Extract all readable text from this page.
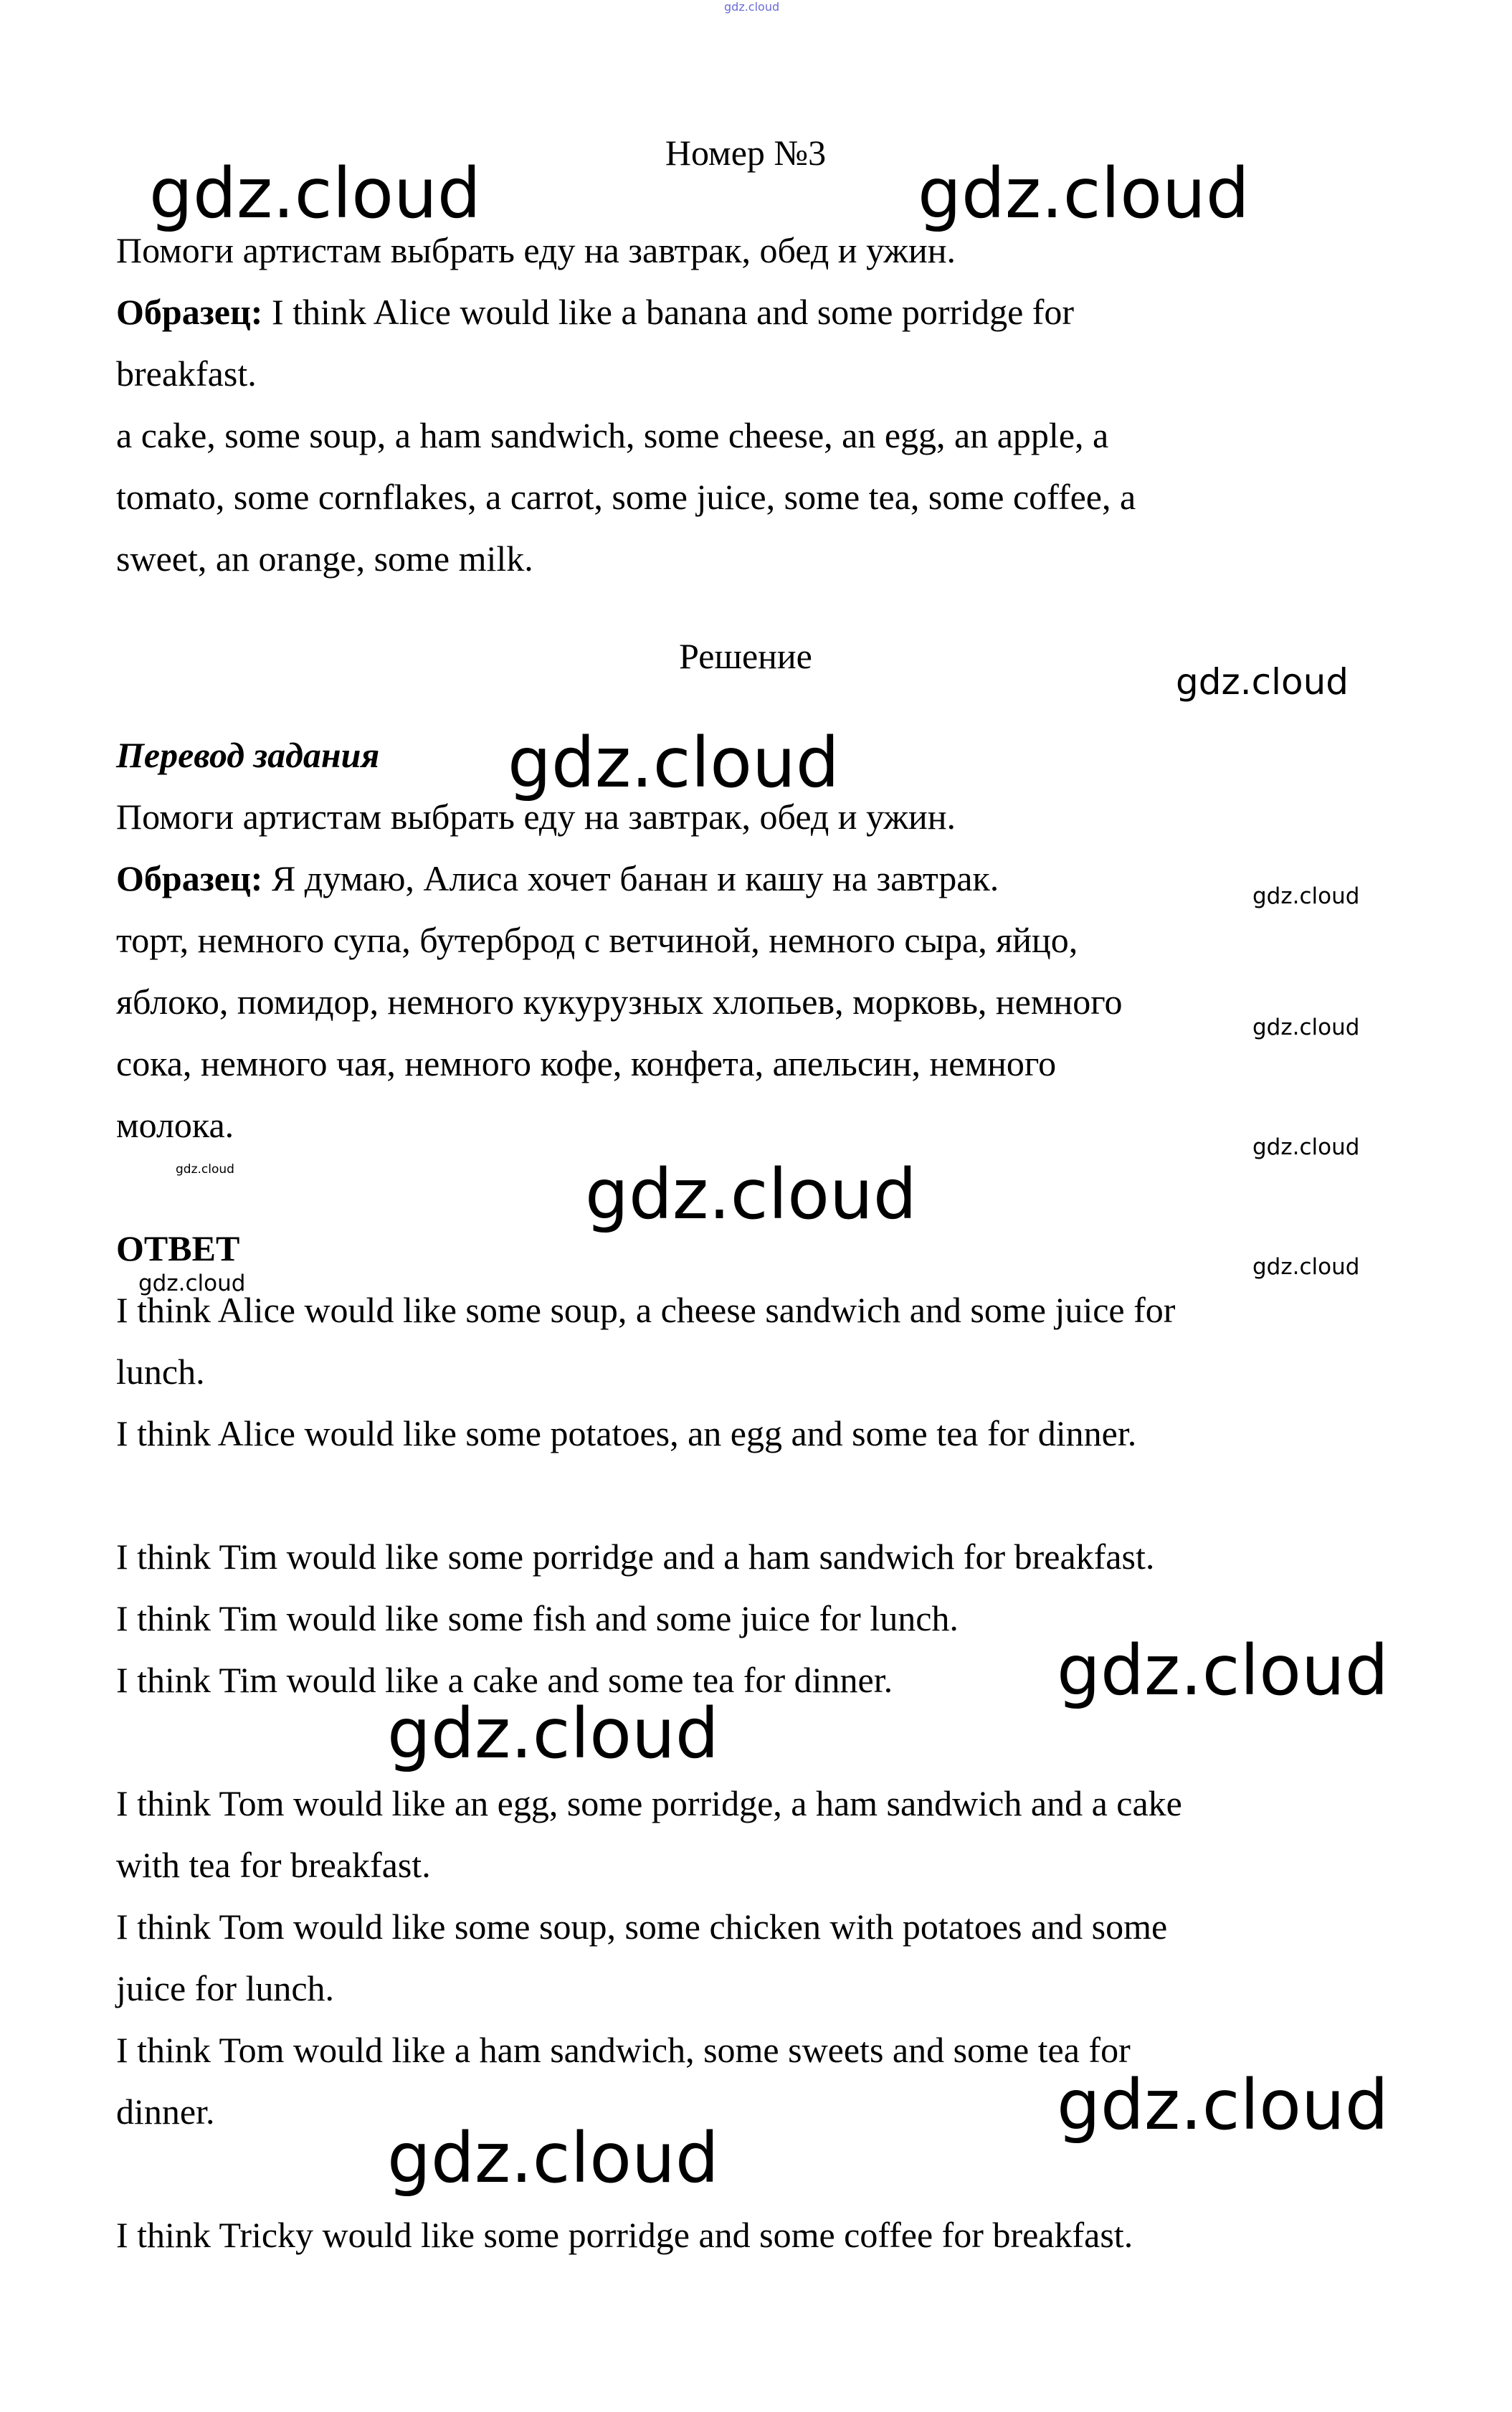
gdz.cloud
gdz.cloud	gdz.cloud
gdz.cloud
gdz.cloud
gdz.cloud
gdz.cloud
gdz.cloud
gdz.cloud	gdz.cloud
gdz.cloud
gdz.cloud
gdz.cloud
gdz.cloud
gdz.cloud
gdz.cloud
Номер №3
Помоги артистам выбрать еду на завтрак, обед и ужин.
Образец: I think Alice would like a banana and some porridge for
breakfast.
a cake, some soup, a ham sandwich, some cheese, an egg, an apple, a
tomato, some cornflakes, a carrot, some juice, some tea, some coffee, a
sweet, an orange, some milk.
Решение
Перевод задания
Помоги артистам выбрать еду на завтрак, обед и ужин.
Образец: Я думаю, Алиса хочет банан и кашу на завтрак.
торт, немного супа, бутерброд с ветчиной, немного сыра, яйцо,
яблоко, помидор, немного кукурузных хлопьев, морковь, немного
сока, немного чая, немного кофе, конфета, апельсин, немного
молока.
ОТВЕТ
I think Alice would like some soup, a cheese sandwich and some juice for
lunch.
I think Alice would like some potatoes, an egg and some tea for dinner.
I think Tim would like some porridge and a ham sandwich for breakfast.
I think Tim would like some fish and some juice for lunch.
I think Tim would like a cake and some tea for dinner.
I think Tom would like an egg, some porridge, a ham sandwich and a cake
with tea for breakfast.
I think Tom would like some soup, some chicken with potatoes and some
juice for lunch.
I think Tom would like a ham sandwich, some sweets and some tea for
dinner.
I think Tricky would like some porridge and some coffee for breakfast.
